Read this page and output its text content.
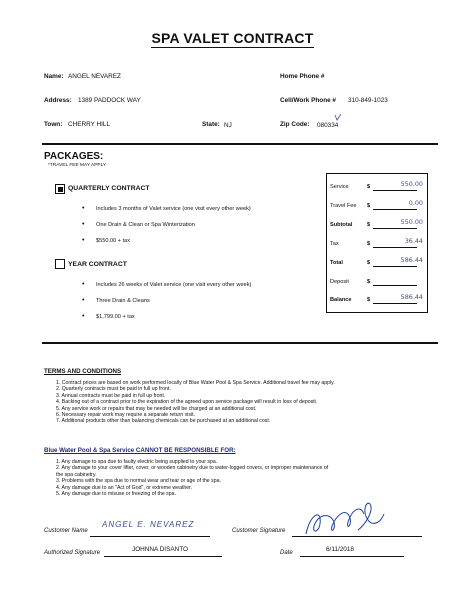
SPA VALET CONTRACT
Name: ANGEL NEVAREZ	Home Phone #
Address: 1389 PADDOCK WAY	Cell/Work Phone # 310-849-1023
Town: CHERRY HILL	State: NJ	Zip Code: 080334
PACKAGES:
*TRAVEL FEE MAY APPLY
QUARTERLY CONTRACT
• Includes 3 months of Valet service (one visit every other week)
• One Drain & Clean or Spa Winterization
• $550.00 + tax
YEAR CONTRACT
• Includes 26 weeks of Valet service (one visit every other week)
• Three Drain & Cleans
• $1,799.00 + tax
Service	$	550.00
Travel Fee $	0.00
Subtotal	$	550.00
Tax	$	36.44
Total	$	586.44
Deposit	$
Balance	$	586.44
TERMS AND CONDITIONS
1. Contract prices are based on work performed locally of Blue Water Pool & Spa Service. Additional travel fee may apply.
2. Quarterly contracts must be paid in full up front.
3. Annual contracts must be paid in full up front.
4. Backing out of a contract prior to the expiration of the agreed upon service package will result in loss of deposit.
5. Any service work or repairs that may be needed will be charged at an additional cost.
6. Necessary repair work may require a separate return visit.
7. Additional products other than balancing chemicals can be purchased at an additional cost.
Blue Water Pool & Spa Service CANNOT BE RESPONSIBLE FOR:
1. Any damage to spa due to faulty electric being supplied to your spa.
2. Any damage to your cover lifter, cover, or wooden cabinetry due to water-logged covers, or improper maintenance of
the spa cabinetry.
3. Problems with the spa due to normal wear and tear or age of the spa.
4. Any damage due to an "Act of God", or extreme weather.
5. Any damage due to misuse or freezing of the spa.
Customer Name
ANGEL E. NEVAREZ
Customer Signature
Authorized Signature	JOHNNA DISANTO	Date	6/11/2018
